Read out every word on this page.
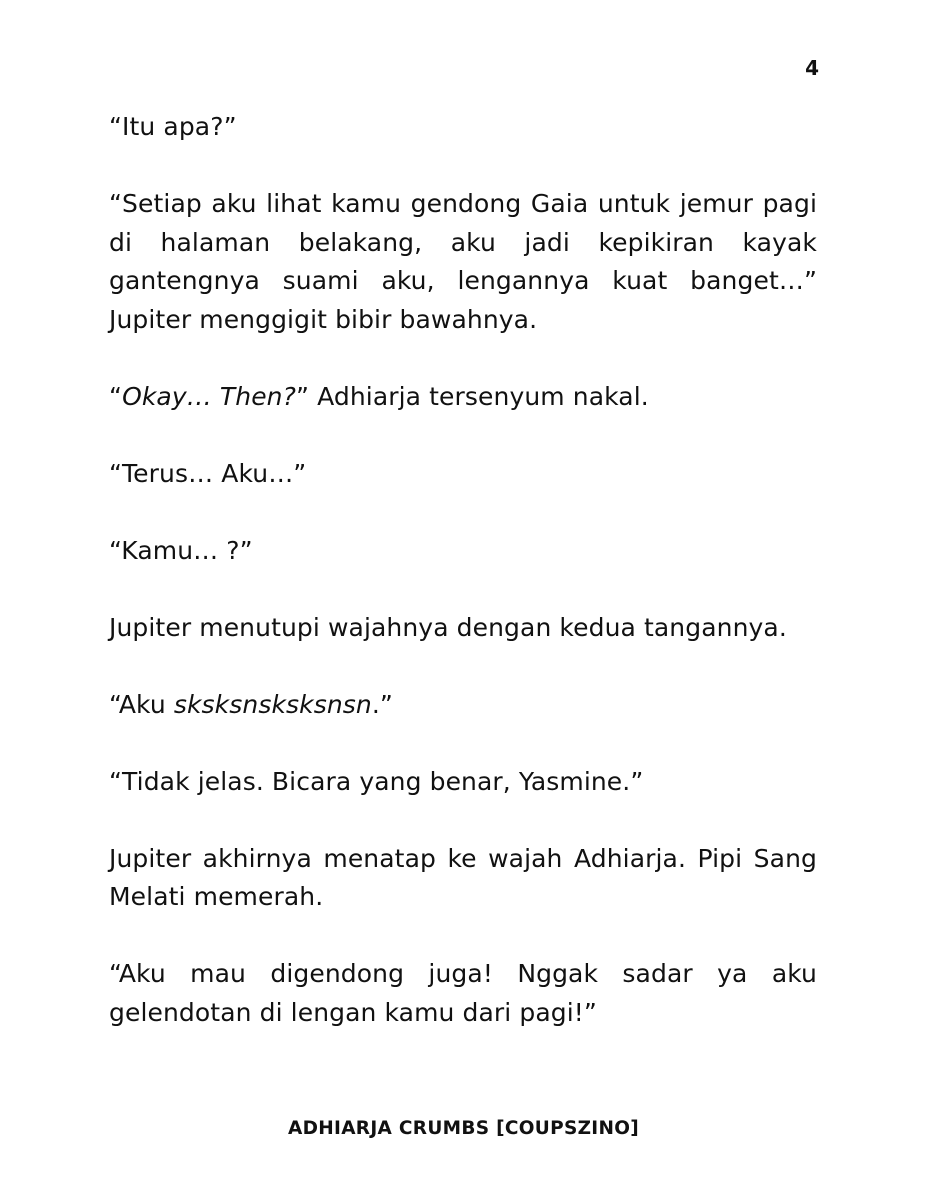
4

“Itu apa?”

“Setiap aku lihat kamu gendong Gaia untuk jemur pagi di halaman belakang, aku jadi kepikiran kayak gantengnya suami aku, lengannya kuat banget…” Jupiter menggigit bibir bawahnya.

“Okay… Then?” Adhiarja tersenyum nakal.

“Terus… Aku…”

“Kamu… ?”

Jupiter menutupi wajahnya dengan kedua tangannya.

“Aku sksksnsksksnsn.”

“Tidak jelas. Bicara yang benar, Yasmine.”

Jupiter akhirnya menatap ke wajah Adhiarja. Pipi Sang Melati memerah.

“Aku mau digendong juga! Nggak sadar ya aku gelendotan di lengan kamu dari pagi!”

ADHIARJA CRUMBS [COUPSZINO]
